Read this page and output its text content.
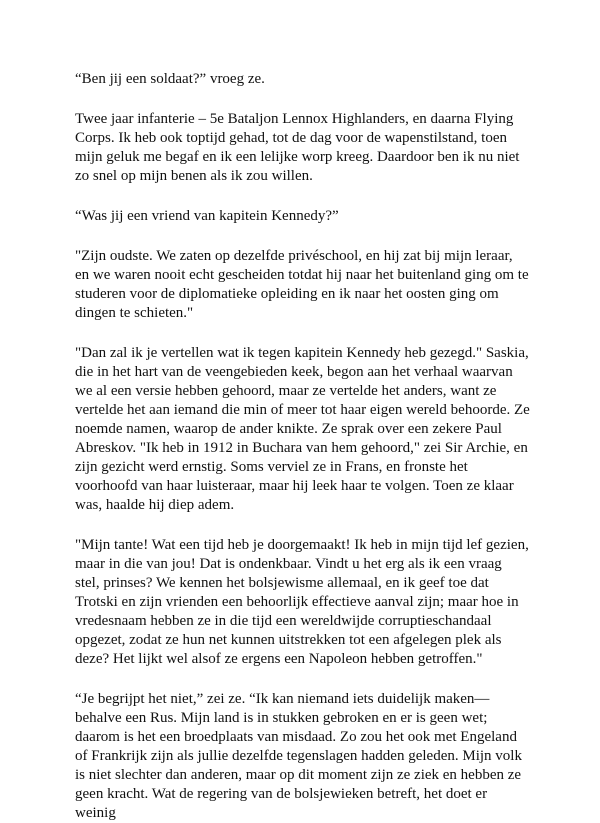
“Ben jij een soldaat?” vroeg ze.

Twee jaar infanterie – 5e Bataljon Lennox Highlanders, en daarna Flying Corps. Ik heb ook toptijd gehad, tot de dag voor de wapenstilstand, toen mijn geluk me begaf en ik een lelijke worp kreeg. Daardoor ben ik nu niet zo snel op mijn benen als ik zou willen.

“Was jij een vriend van kapitein Kennedy?”

"Zijn oudste. We zaten op dezelfde privéschool, en hij zat bij mijn leraar, en we waren nooit echt gescheiden totdat hij naar het buitenland ging om te studeren voor de diplomatieke opleiding en ik naar het oosten ging om dingen te schieten."

"Dan zal ik je vertellen wat ik tegen kapitein Kennedy heb gezegd." Saskia, die in het hart van de veengebieden keek, begon aan het verhaal waarvan we al een versie hebben gehoord, maar ze vertelde het anders, want ze vertelde het aan iemand die min of meer tot haar eigen wereld behoorde. Ze noemde namen, waarop de ander knikte. Ze sprak over een zekere Paul Abreskov. "Ik heb in 1912 in Buchara van hem gehoord," zei Sir Archie, en zijn gezicht werd ernstig. Soms verviel ze in Frans, en fronste het voorhoofd van haar luisteraar, maar hij leek haar te volgen. Toen ze klaar was, haalde hij diep adem.

"Mijn tante! Wat een tijd heb je doorgemaakt! Ik heb in mijn tijd lef gezien, maar in die van jou! Dat is ondenkbaar. Vindt u het erg als ik een vraag stel, prinses? We kennen het bolsjewisme allemaal, en ik geef toe dat Trotski en zijn vrienden een behoorlijk effectieve aanval zijn; maar hoe in vredesnaam hebben ze in die tijd een wereldwijde corruptieschandaal opgezet, zodat ze hun net kunnen uitstrekken tot een afgelegen plek als deze? Het lijkt wel alsof ze ergens een Napoleon hebben getroffen."

“Je begrijpt het niet,” zei ze. “Ik kan niemand iets duidelijk maken—behalve een Rus. Mijn land is in stukken gebroken en er is geen wet; daarom is het een broedplaats van misdaad. Zo zou het ook met Engeland of Frankrijk zijn als jullie dezelfde tegenslagen hadden geleden. Mijn volk is niet slechter dan anderen, maar op dit moment zijn ze ziek en hebben ze geen kracht. Wat de regering van de bolsjewieken betreft, het doet er weinig
